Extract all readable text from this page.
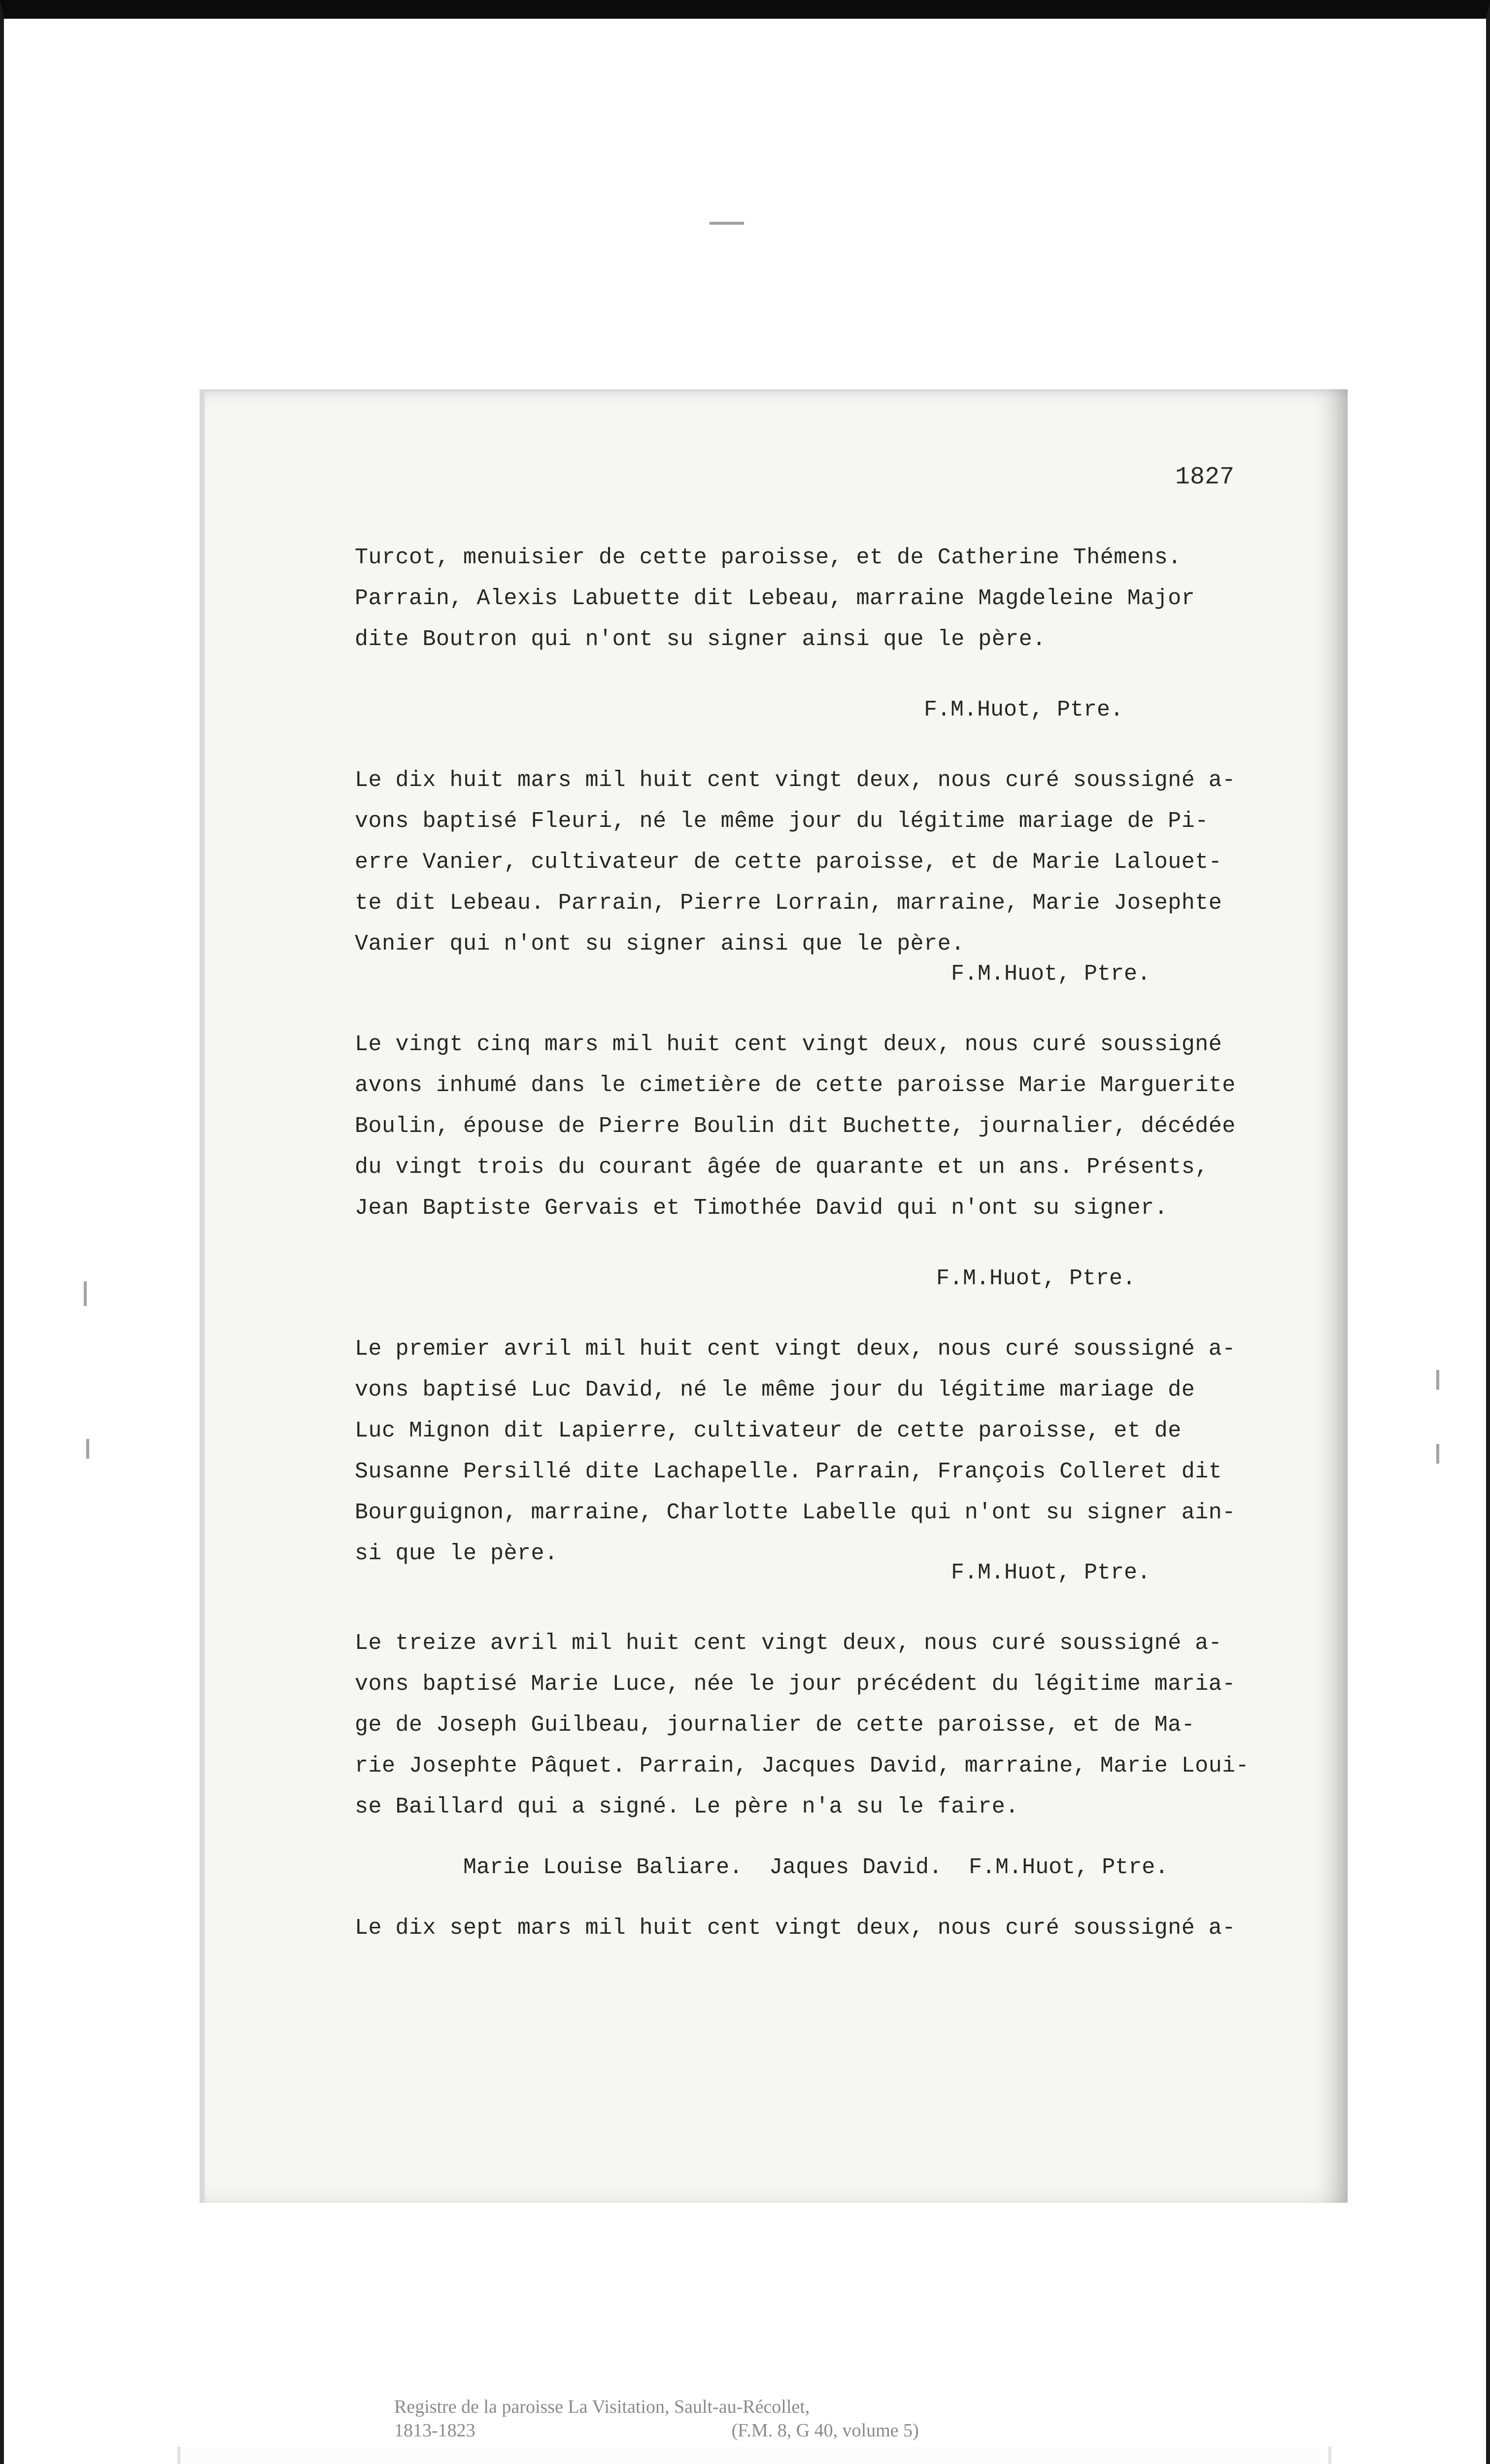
1827
Turcot, menuisier de cette paroisse, et de Catherine Thémens.
Parrain, Alexis Labuette dit Lebeau, marraine Magdeleine Major
dite Boutron qui n'ont su signer ainsi que le père.
F.M.Huot, Ptre.
Le dix huit mars mil huit cent vingt deux, nous curé soussigné a-
vons baptisé Fleuri, né le même jour du légitime mariage de Pi-
erre Vanier, cultivateur de cette paroisse, et de Marie Lalouet-
te dit Lebeau. Parrain, Pierre Lorrain, marraine, Marie Josephte
Vanier qui n'ont su signer ainsi que le père.
F.M.Huot, Ptre.
Le vingt cinq mars mil huit cent vingt deux, nous curé soussigné
avons inhumé dans le cimetière de cette paroisse Marie Marguerite
Boulin, épouse de Pierre Boulin dit Buchette, journalier, décédée
du vingt trois du courant âgée de quarante et un ans. Présents,
Jean Baptiste Gervais et Timothée David qui n'ont su signer.
F.M.Huot, Ptre.
Le premier avril mil huit cent vingt deux, nous curé soussigné a-
vons baptisé Luc David, né le même jour du légitime mariage de
Luc Mignon dit Lapierre, cultivateur de cette paroisse, et de
Susanne Persillé dite Lachapelle. Parrain, François Colleret dit
Bourguignon, marraine, Charlotte Labelle qui n'ont su signer ain-
si que le père.
F.M.Huot, Ptre.
Le treize avril mil huit cent vingt deux, nous curé soussigné a-
vons baptisé Marie Luce, née le jour précédent du légitime maria-
ge de Joseph Guilbeau, journalier de cette paroisse, et de Ma-
rie Josephte Pâquet. Parrain, Jacques David, marraine, Marie Loui-
se Baillard qui a signé. Le père n'a su le faire.
Marie Louise Baliare.  Jaques David.  F.M.Huot, Ptre.
Le dix sept mars mil huit cent vingt deux, nous curé soussigné a-
Registre de la paroisse La Visitation, Sault-au-Récollet,
1813-1823	(F.M. 8, G 40, volume 5)
